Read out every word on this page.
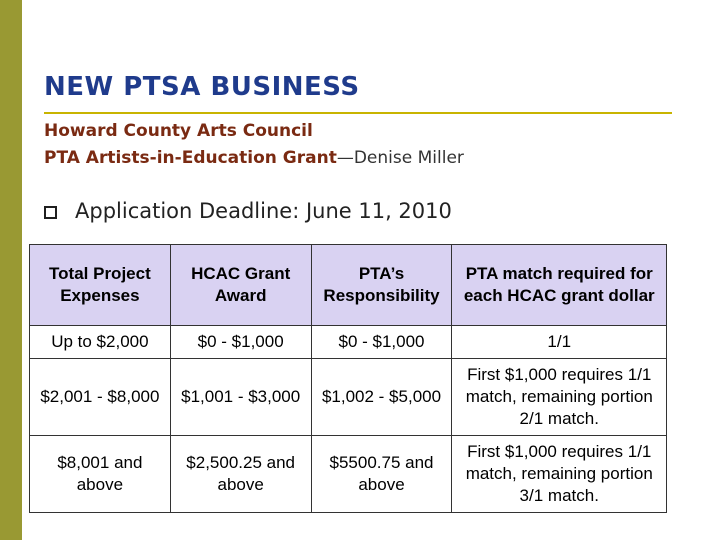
NEW PTSA BUSINESS
Howard County Arts Council
PTA Artists-in-Education Grant—Denise Miller
Application Deadline: June 11, 2010
Total Project Expenses	HCAC Grant Award	PTA’s Responsibility	PTA match required for each HCAC grant dollar
Up to $2,000	$0 - $1,000	$0 - $1,000	1/1
$2,001 - $8,000	$1,001 - $3,000	$1,002 - $5,000	First $1,000 requires 1/1 match, remaining portion 2/1 match.
$8,001 and above	$2,500.25 and above	$5500.75 and above	First $1,000 requires 1/1 match, remaining portion 3/1 match.
